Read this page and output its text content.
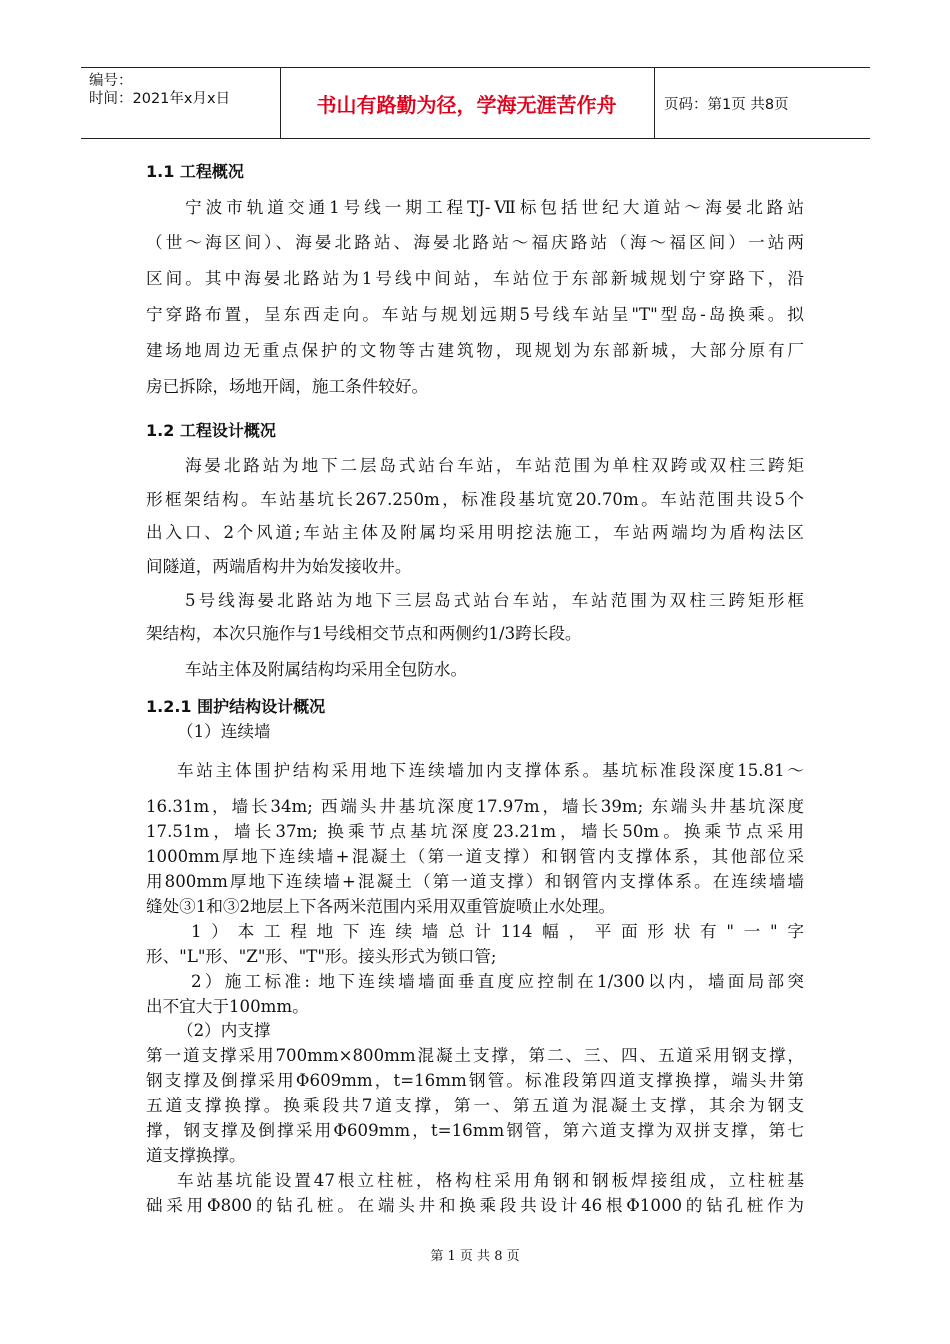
编号：
时间：2021年x月x日	书山有路勤为径，学海无涯苦作舟	页码：第1页 共8页
1.1 工程概况
宁波市轨道交通1号线一期工程TJ-Ⅶ标包括世纪大道站～海晏北路站
（世～海区间）、海晏北路站、海晏北路站～福庆路站（海～福区间）一站两
区间。其中海晏北路站为1号线中间站，车站位于东部新城规划宁穿路下，沿
宁穿路布置，呈东西走向。车站与规划远期5号线车站呈"T"型岛-岛换乘。拟
建场地周边无重点保护的文物等古建筑物，现规划为东部新城，大部分原有厂
房已拆除，场地开阔，施工条件较好。
1.2 工程设计概况
海晏北路站为地下二层岛式站台车站，车站范围为单柱双跨或双柱三跨矩
形框架结构。车站基坑长267.250m，标准段基坑宽20.70m。车站范围共设5个
出入口、2个风道;车站主体及附属均采用明挖法施工，车站两端均为盾构法区
间隧道，两端盾构井为始发接收井。
5号线海晏北路站为地下三层岛式站台车站，车站范围为双柱三跨矩形框
架结构，本次只施作与1号线相交节点和两侧约1/3跨长段。
车站主体及附属结构均采用全包防水。
1.2.1 围护结构设计概况
（1）连续墙
车站主体围护结构采用地下连续墙加内支撑体系。基坑标准段深度15.81～
16.31m，墙长34m; 西端头井基坑深度17.97m，墙长39m; 东端头井基坑深度
17.51m，墙长37m; 换乘节点基坑深度23.21m，墙长50m。换乘节点采用
1000mm厚地下连续墙+混凝土（第一道支撑）和钢管内支撑体系，其他部位采
用800mm厚地下连续墙+混凝土（第一道支撑）和钢管内支撑体系。在连续墙墙
缝处③1和③2地层上下各两米范围内采用双重管旋喷止水处理。
1）本工程地下连续墙总计114幅，平面形状有"一"字
形、"L"形、"Z"形、"T"形。接头形式为锁口管;
2）施工标准: 地下连续墙墙面垂直度应控制在1/300以内，墙面局部突
出不宜大于100mm。
（2）内支撑
第一道支撑采用700mm×800mm混凝土支撑，第二、三、四、五道采用钢支撑，
钢支撑及倒撑采用Φ609mm，t=16mm钢管。标准段第四道支撑换撑，端头井第
五道支撑换撑。换乘段共7道支撑，第一、第五道为混凝土支撑，其余为钢支
撑，钢支撑及倒撑采用Φ609mm，t=16mm钢管，第六道支撑为双拼支撑，第七
道支撑换撑。
车站基坑能设置47根立柱桩，格构柱采用角钢和钢板焊接组成，立柱桩基
础采用Φ800的钻孔桩。在端头井和换乘段共设计46根Φ1000的钻孔桩作为
第 1 页 共 8 页
